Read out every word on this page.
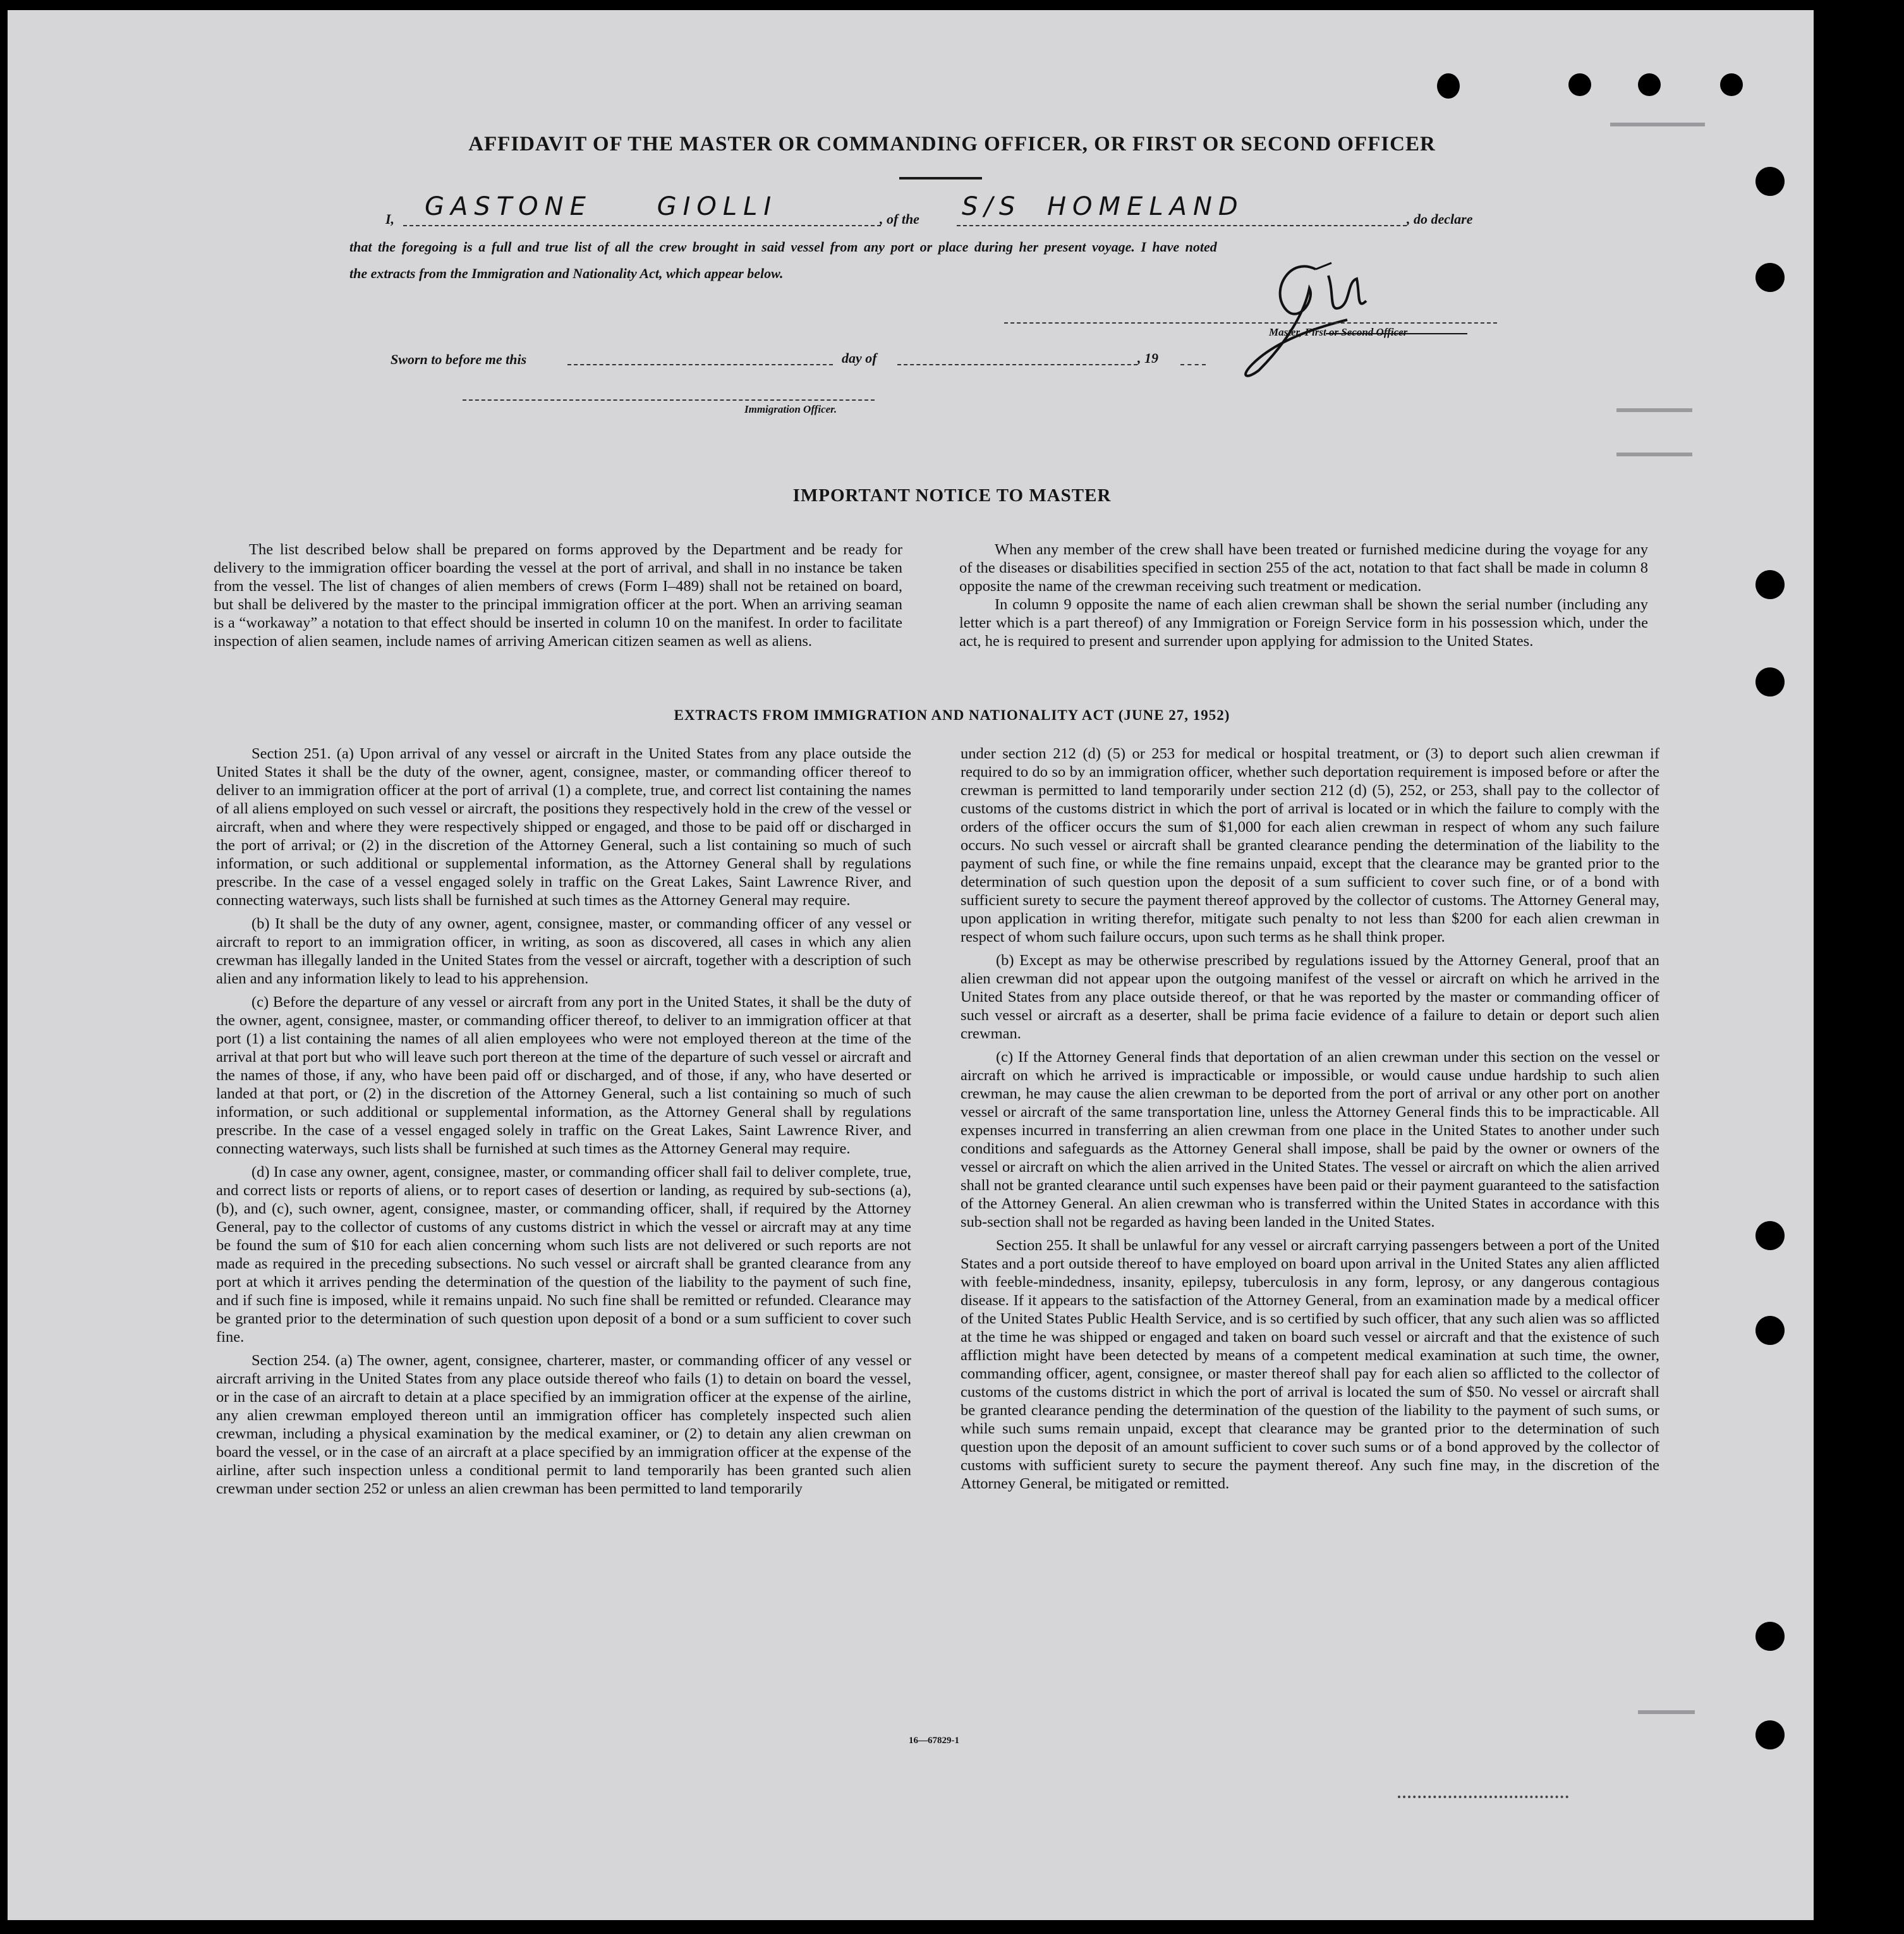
AFFIDAVIT OF THE MASTER OR COMMANDING OFFICER, OR FIRST OR SECOND OFFICER
I, GASTONE GIOLLI	, of the S/S HOMELAND	, do declare
that the foregoing is a full and true list of all the crew brought in said vessel from any port or place during her present voyage. I have noted
the extracts from the Immigration and Nationality Act, which appear below.
Master, First or Second Officer
Sworn to before me this	day of	, 19
Immigration Officer.
IMPORTANT NOTICE TO MASTER

The list described below shall be prepared on forms approved by the Department and be ready for delivery to the immigration officer boarding the vessel at the port of arrival, and shall in no instance be taken from the vessel. The list of changes of alien members of crews (Form I–489) shall not be retained on board, but shall be delivered by the master to the principal immigration officer at the port. When an arriving seaman is a “workaway” a notation to that effect should be inserted in column 10 on the manifest. In order to facilitate inspection of alien seamen, include names of arriving American citizen seamen as well as aliens.

When any member of the crew shall have been treated or furnished medicine during the voyage for any of the diseases or disabilities specified in section 255 of the act, notation to that fact shall be made in column 8 opposite the name of the crewman receiving such treatment or medication.

In column 9 opposite the name of each alien crewman shall be shown the serial number (including any letter which is a part thereof) of any Immigration or Foreign Service form in his possession which, under the act, he is required to present and surrender upon applying for admission to the United States.

EXTRACTS FROM IMMIGRATION AND NATIONALITY ACT (JUNE 27, 1952)

Section 251. (a) Upon arrival of any vessel or aircraft in the United States from any place outside the United States it shall be the duty of the owner, agent, consignee, master, or commanding officer thereof to deliver to an immigration officer at the port of arrival (1) a complete, true, and correct list containing the names of all aliens employed on such vessel or aircraft, the positions they respectively hold in the crew of the vessel or aircraft, when and where they were respectively shipped or engaged, and those to be paid off or discharged in the port of arrival; or (2) in the discretion of the Attorney General, such a list containing so much of such information, or such additional or supplemental information, as the Attorney General shall by regulations prescribe. In the case of a vessel engaged solely in traffic on the Great Lakes, Saint Lawrence River, and connecting waterways, such lists shall be furnished at such times as the Attorney General may require.

(b) It shall be the duty of any owner, agent, consignee, master, or commanding officer of any vessel or aircraft to report to an immigration officer, in writing, as soon as discovered, all cases in which any alien crewman has illegally landed in the United States from the vessel or aircraft, together with a description of such alien and any information likely to lead to his apprehension.

(c) Before the departure of any vessel or aircraft from any port in the United States, it shall be the duty of the owner, agent, consignee, master, or commanding officer thereof, to deliver to an immigration officer at that port (1) a list containing the names of all alien employees who were not employed thereon at the time of the arrival at that port but who will leave such port thereon at the time of the departure of such vessel or aircraft and the names of those, if any, who have been paid off or discharged, and of those, if any, who have deserted or landed at that port, or (2) in the discretion of the Attorney General, such a list containing so much of such information, or such additional or supplemental information, as the Attorney General shall by regulations prescribe. In the case of a vessel engaged solely in traffic on the Great Lakes, Saint Lawrence River, and connecting waterways, such lists shall be furnished at such times as the Attorney General may require.

(d) In case any owner, agent, consignee, master, or commanding officer shall fail to deliver complete, true, and correct lists or reports of aliens, or to report cases of desertion or landing, as required by sub-sections (a), (b), and (c), such owner, agent, consignee, master, or commanding officer, shall, if required by the Attorney General, pay to the collector of customs of any customs district in which the vessel or aircraft may at any time be found the sum of $10 for each alien concerning whom such lists are not delivered or such reports are not made as required in the preceding subsections. No such vessel or aircraft shall be granted clearance from any port at which it arrives pending the determination of the question of the liability to the payment of such fine, and if such fine is imposed, while it remains unpaid. No such fine shall be remitted or refunded. Clearance may be granted prior to the determination of such question upon deposit of a bond or a sum sufficient to cover such fine.

Section 254. (a) The owner, agent, consignee, charterer, master, or commanding officer of any vessel or aircraft arriving in the United States from any place outside thereof who fails (1) to detain on board the vessel, or in the case of an aircraft to detain at a place specified by an immigration officer at the expense of the airline, any alien crewman employed thereon until an immigration officer has completely inspected such alien crewman, including a physical examination by the medical examiner, or (2) to detain any alien crewman on board the vessel, or in the case of an aircraft at a place specified by an immigration officer at the expense of the airline, after such inspection unless a conditional permit to land temporarily has been granted such alien crewman under section 252 or unless an alien crewman has been permitted to land temporarily

under section 212 (d) (5) or 253 for medical or hospital treatment, or (3) to deport such alien crewman if required to do so by an immigration officer, whether such deportation requirement is imposed before or after the crewman is permitted to land temporarily under section 212 (d) (5), 252, or 253, shall pay to the collector of customs of the customs district in which the port of arrival is located or in which the failure to comply with the orders of the officer occurs the sum of $1,000 for each alien crewman in respect of whom any such failure occurs. No such vessel or aircraft shall be granted clearance pending the determination of the liability to the payment of such fine, or while the fine remains unpaid, except that the clearance may be granted prior to the determination of such question upon the deposit of a sum sufficient to cover such fine, or of a bond with sufficient surety to secure the payment thereof approved by the collector of customs. The Attorney General may, upon application in writing therefor, mitigate such penalty to not less than $200 for each alien crewman in respect of whom such failure occurs, upon such terms as he shall think proper.

(b) Except as may be otherwise prescribed by regulations issued by the Attorney General, proof that an alien crewman did not appear upon the outgoing manifest of the vessel or aircraft on which he arrived in the United States from any place outside thereof, or that he was reported by the master or commanding officer of such vessel or aircraft as a deserter, shall be prima facie evidence of a failure to detain or deport such alien crewman.

(c) If the Attorney General finds that deportation of an alien crewman under this section on the vessel or aircraft on which he arrived is impracticable or impossible, or would cause undue hardship to such alien crewman, he may cause the alien crewman to be deported from the port of arrival or any other port on another vessel or aircraft of the same transportation line, unless the Attorney General finds this to be impracticable. All expenses incurred in transferring an alien crewman from one place in the United States to another under such conditions and safeguards as the Attorney General shall impose, shall be paid by the owner or owners of the vessel or aircraft on which the alien arrived in the United States. The vessel or aircraft on which the alien arrived shall not be granted clearance until such expenses have been paid or their payment guaranteed to the satisfaction of the Attorney General. An alien crewman who is transferred within the United States in accordance with this sub-section shall not be regarded as having been landed in the United States.

Section 255. It shall be unlawful for any vessel or aircraft carrying passengers between a port of the United States and a port outside thereof to have employed on board upon arrival in the United States any alien afflicted with feeble-mindedness, insanity, epilepsy, tuberculosis in any form, leprosy, or any dangerous contagious disease. If it appears to the satisfaction of the Attorney General, from an examination made by a medical officer of the United States Public Health Service, and is so certified by such officer, that any such alien was so afflicted at the time he was shipped or engaged and taken on board such vessel or aircraft and that the existence of such affliction might have been detected by means of a competent medical examination at such time, the owner, commanding officer, agent, consignee, or master thereof shall pay for each alien so afflicted to the collector of customs of the customs district in which the port of arrival is located the sum of $50. No vessel or aircraft shall be granted clearance pending the determination of the question of the liability to the payment of such sums, or while such sums remain unpaid, except that clearance may be granted prior to the determination of such question upon the deposit of an amount sufficient to cover such sums or of a bond approved by the collector of customs with sufficient surety to secure the payment thereof. Any such fine may, in the discretion of the Attorney General, be mitigated or remitted.

16—67829-1
